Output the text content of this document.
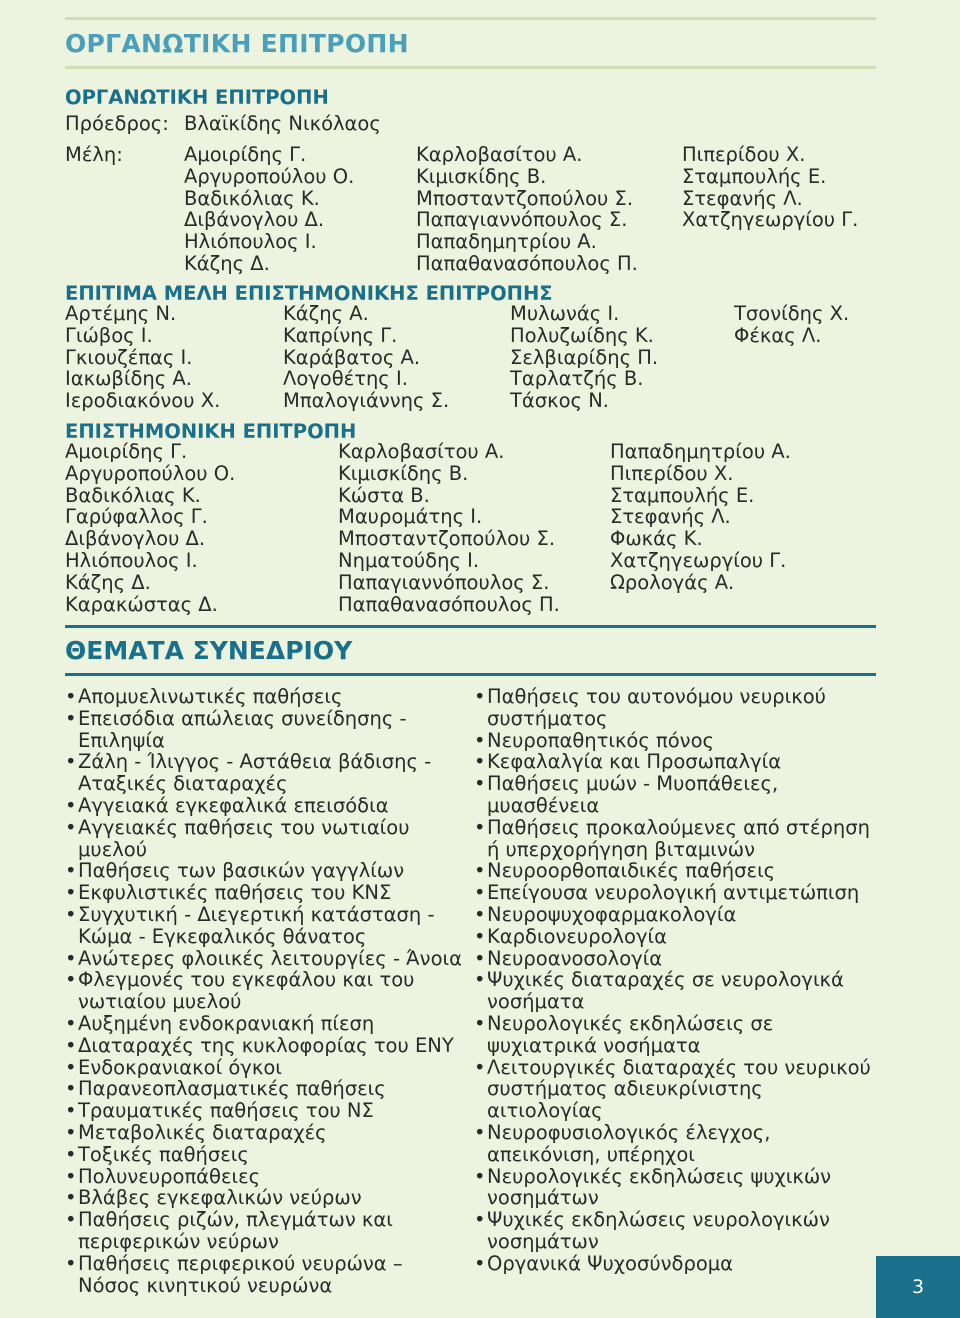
ΟΡΓΑΝΩΤΙΚΗ ΕΠΙΤΡΟΠΗ
ΟΡΓΑΝΩΤΙΚΗ ΕΠΙΤΡΟΠΗ
Πρόεδρος: Βλαϊκίδης Νικόλαος
Μέλη:	Αμοιρίδης Γ.
Αργυροπούλου Ο.
Βαδικόλιας Κ.
Διβάνογλου Δ.
Ηλιόπουλος Ι.
Κάζης Δ.
Καρλοβασίτου Α.
Κιμισκίδης Β.
Μποσταντζοπούλου Σ.
Παπαγιαννόπουλος Σ.
Παπαδημητρίου Α.
Παπαθανασόπουλος Π.
Πιπερίδου Χ.
Σταμπουλής Ε.
Στεφανής Λ.
Χατζηγεωργίου Γ.
ΕΠΙΤΙΜΑ ΜΕΛΗ ΕΠΙΣΤΗΜΟΝΙΚΗΣ ΕΠΙΤΡΟΠΗΣ
Αρτέμης Ν.
Γιώβος Ι.
Γκιουζέπας Ι.
Ιακωβίδης Α.
Ιεροδιακόνου Χ.
Κάζης Α.
Καπρίνης Γ.
Καράβατος Α.
Λογοθέτης Ι.
Μπαλογιάννης Σ.
Μυλωνάς Ι.
Πολυζωίδης Κ.
Σελβιαρίδης Π.
Ταρλατζής Β.
Τάσκος Ν.
Τσονίδης Χ.
Φέκας Λ.
ΕΠΙΣΤΗΜΟΝΙΚΗ ΕΠΙΤΡΟΠΗ
Αμοιρίδης Γ.
Αργυροπούλου Ο.
Βαδικόλιας Κ.
Γαρύφαλλος Γ.
Διβάνογλου Δ.
Ηλιόπουλος Ι.
Κάζης Δ.
Καρακώστας Δ.
Καρλοβασίτου Α.
Κιμισκίδης Β.
Κώστα Β.
Μαυρομάτης Ι.
Μποσταντζοπούλου Σ.
Νηματούδης Ι.
Παπαγιαννόπουλος Σ.
Παπαθανασόπουλος Π.
Παπαδημητρίου Α.
Πιπερίδου Χ.
Σταμπουλής Ε.
Στεφανής Λ.
Φωκάς Κ.
Χατζηγεωργίου Γ.
Ωρολογάς Α.
ΘΕΜΑΤΑ ΣΥΝΕΔΡΙΟΥ
• Απομυελινωτικές παθήσεις
• Επεισόδια απώλειας συνείδησης - Επιληψία
• Ζάλη - Ίλιγγος - Αστάθεια βάδισης - Αταξικές διαταραχές
• Αγγειακά εγκεφαλικά επεισόδια
• Αγγειακές παθήσεις του νωτιαίου μυελού
• Παθήσεις των βασικών γαγγλίων
• Εκφυλιστικές παθήσεις του ΚΝΣ
• Συγχυτική - Διεγερτική κατάσταση - Κώμα - Εγκεφαλικός θάνατος
• Ανώτερες φλοιικές λειτουργίες - Άνοια
• Φλεγμονές του εγκεφάλου και του νωτιαίου μυελού
• Αυξημένη ενδοκρανιακή πίεση
• Διαταραχές της κυκλοφορίας του ΕΝΥ
• Ενδοκρανιακοί όγκοι
• Παρανεοπλασματικές παθήσεις
• Τραυματικές παθήσεις του ΝΣ
• Μεταβολικές διαταραχές
• Τοξικές παθήσεις
• Πολυνευροπάθειες
• Βλάβες εγκεφαλικών νεύρων
• Παθήσεις ριζών, πλεγμάτων και περιφερικών νεύρων
• Παθήσεις περιφερικού νευρώνα – Νόσος κινητικού νευρώνα
• Παθήσεις του αυτονόμου νευρικού συστήματος
• Νευροπαθητικός πόνος
• Κεφαλαλγία και Προσωπαλγία
• Παθήσεις μυών - Μυοπάθειες, μυασθένεια
• Παθήσεις προκαλούμενες από στέρηση ή υπερχορήγηση βιταμινών
• Νευροορθοπαιδικές παθήσεις
• Επείγουσα νευρολογική αντιμετώπιση
• Νευροψυχοφαρμακολογία
• Καρδιονευρολογία
• Νευροανοσολογία
• Ψυχικές διαταραχές σε νευρολογικά νοσήματα
• Νευρολογικές εκδηλώσεις σε ψυχιατρικά νοσήματα
• Λειτουργικές διαταραχές του νευρικού συστήματος αδιευκρίνιστης αιτιολογίας
• Νευροφυσιολογικός έλεγχος, απεικόνιση, υπέρηχοι
• Νευρολογικές εκδηλώσεις ψυχικών νοσημάτων
• Ψυχικές εκδηλώσεις νευρολογικών νοσημάτων
• Οργανικά Ψυχοσύνδρομα
3
